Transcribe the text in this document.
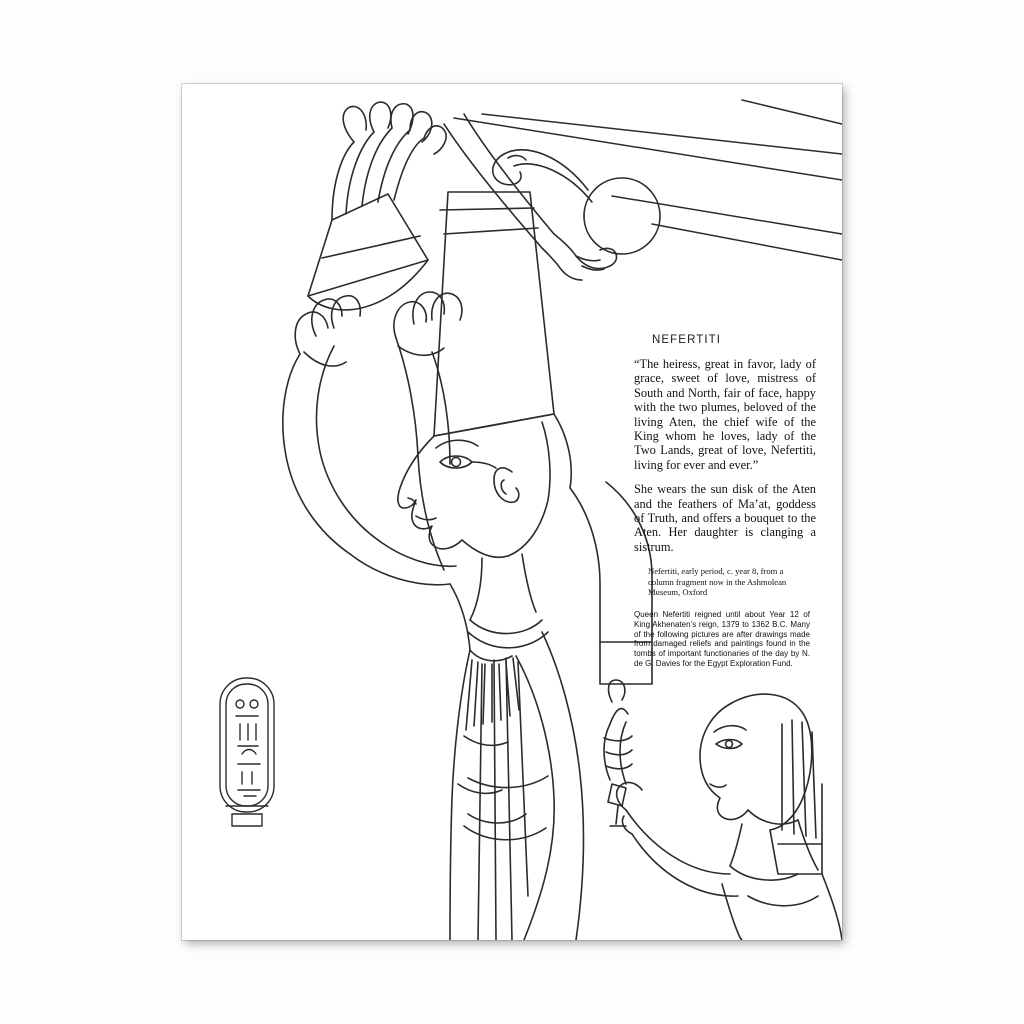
NEFERTITI

“The heiress, great in favor, lady of grace, sweet of love, mistress of South and North, fair of face, happy with the two plumes, beloved of the living Aten, the chief wife of the King whom he loves, lady of the Two Lands, great of love, Nefertiti, living for ever and ever.”

She wears the sun disk of the Aten and the feathers of Ma’at, goddess of Truth, and offers a bouquet to the Aten. Her daughter is clanging a sistrum.

Nefertiti, early period, c. year 8, from a column fragment now in the Ashmolean Museum, Oxford

Queen Nefertiti reigned until about Year 12 of King Akhenaten’s reign, 1379 to 1362 B.C. Many of the following pictures are after drawings made from damaged reliefs and paintings found in the tombs of important functionaries of the day by N. de G. Davies for the Egypt Exploration Fund.
